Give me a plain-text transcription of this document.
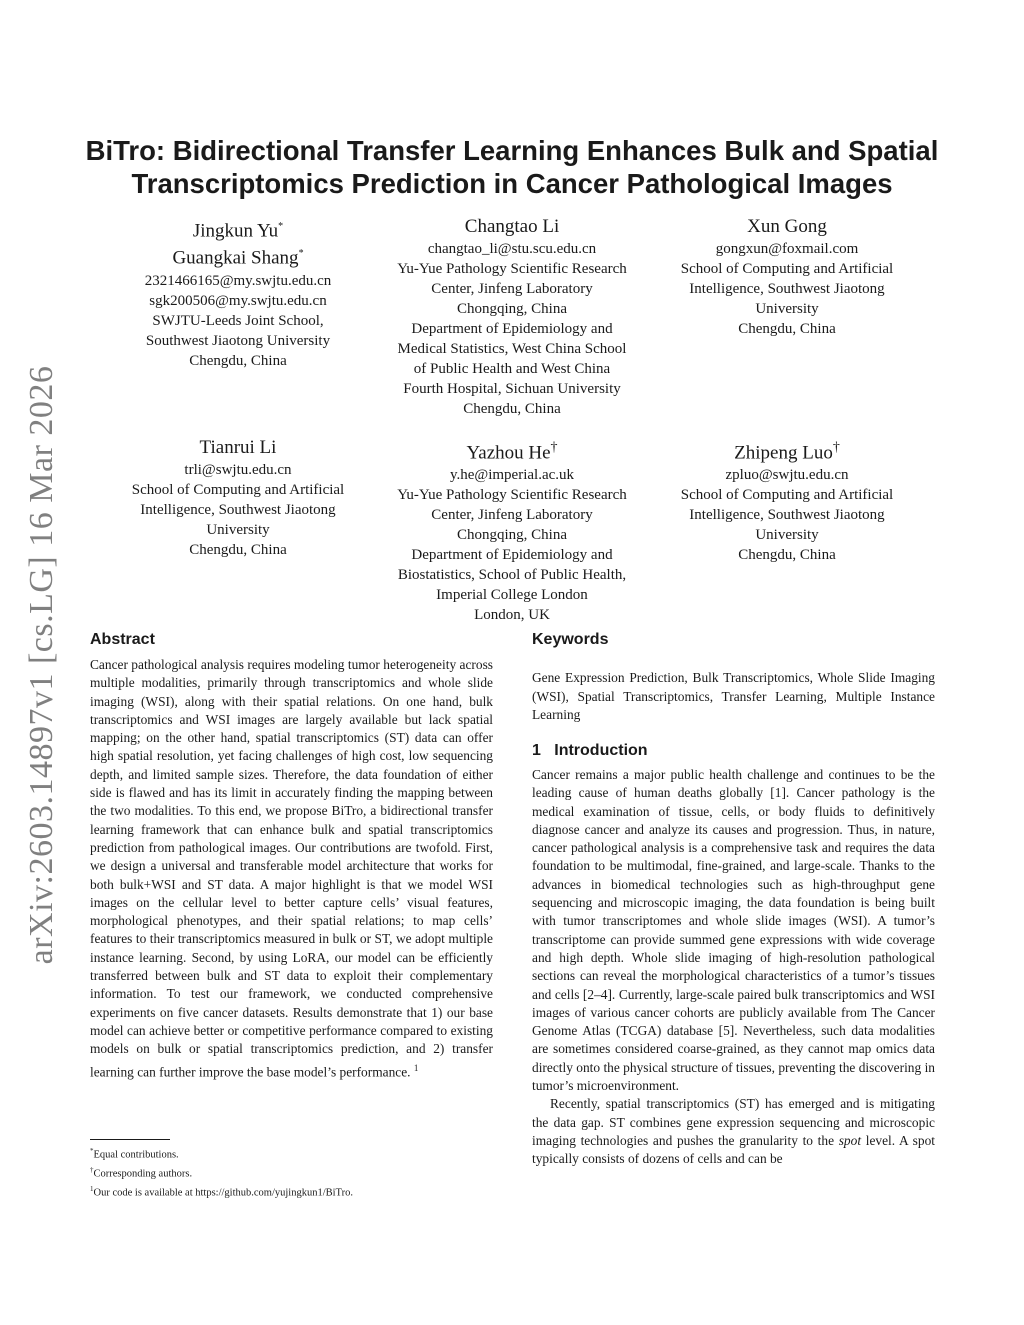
arXiv:2603.14897v1 [cs.LG] 16 Mar 2026
BiTro: Bidirectional Transfer Learning Enhances Bulk and Spatial
Transcriptomics Prediction in Cancer Pathological Images
Jingkun Yu*
Guangkai Shang*
2321466165@my.swjtu.edu.cn
sgk200506@my.swjtu.edu.cn
SWJTU-Leeds Joint School,
Southwest Jiaotong University
Chengdu, China
Changtao Li
changtao_li@stu.scu.edu.cn
Yu-Yue Pathology Scientific Research
Center, Jinfeng Laboratory
Chongqing, China
Department of Epidemiology and
Medical Statistics, West China School
of Public Health and West China
Fourth Hospital, Sichuan University
Chengdu, China
Xun Gong
gongxun@foxmail.com
School of Computing and Artificial
Intelligence, Southwest Jiaotong
University
Chengdu, China
Tianrui Li
trli@swjtu.edu.cn
School of Computing and Artificial
Intelligence, Southwest Jiaotong
University
Chengdu, China
Yazhou He†
y.he@imperial.ac.uk
Yu-Yue Pathology Scientific Research
Center, Jinfeng Laboratory
Chongqing, China
Department of Epidemiology and
Biostatistics, School of Public Health,
Imperial College London
London, UK
Zhipeng Luo†
zpluo@swjtu.edu.cn
School of Computing and Artificial
Intelligence, Southwest Jiaotong
University
Chengdu, China
Abstract

Cancer pathological analysis requires modeling tumor heterogeneity across multiple modalities, primarily through transcriptomics and whole slide imaging (WSI), along with their spatial relations. On one hand, bulk transcriptomics and WSI images are largely available but lack spatial mapping; on the other hand, spatial transcriptomics (ST) data can offer high spatial resolution, yet facing challenges of high cost, low sequencing depth, and limited sample sizes. Therefore, the data foundation of either side is flawed and has its limit in accurately finding the mapping between the two modalities. To this end, we propose BiTro, a bidirectional transfer learning framework that can enhance bulk and spatial transcriptomics prediction from pathological images. Our contributions are twofold. First, we design a universal and transferable model architecture that works for both bulk+WSI and ST data. A major highlight is that we model WSI images on the cellular level to better capture cells’ visual features, morphological phenotypes, and their spatial relations; to map cells’ features to their transcriptomics measured in bulk or ST, we adopt multiple instance learning. Second, by using LoRA, our model can be efficiently transferred between bulk and ST data to exploit their complementary information. To test our framework, we conducted comprehensive experiments on five cancer datasets. Results demonstrate that 1) our base model can achieve better or competitive performance compared to existing models on bulk or spatial transcriptomics prediction, and 2) transfer learning can further improve the base model’s performance. $^1$

Keywords

Gene Expression Prediction, Bulk Transcriptomics, Whole Slide Imaging (WSI), Spatial Transcriptomics, Transfer Learning, Multiple Instance Learning

1 Introduction

Cancer remains a major public health challenge and continues to be the leading cause of human deaths globally [1]. Cancer pathology is the medical examination of tissue, cells, or body fluids to definitively diagnose cancer and analyze its causes and progression. Thus, in nature, cancer pathological analysis is a comprehensive task and requires the data foundation to be multimodal, fine-grained, and large-scale. Thanks to the advances in biomedical technologies such as high-throughput gene sequencing and microscopic imaging, the data foundation is being built with tumor transcriptomes and whole slide images (WSI). A tumor’s transcriptome can provide summed gene expressions with wide coverage and high depth. Whole slide imaging of high-resolution pathological sections can reveal the morphological characteristics of a tumor’s tissues and cells [2–4]. Currently, large-scale paired bulk transcriptomics and WSI images of various cancer cohorts are publicly available from The Cancer Genome Atlas (TCGA) database [5]. Nevertheless, such data modalities are sometimes considered coarse-grained, as they cannot map omics data directly onto the physical structure of tissues, preventing the discovering in tumor’s microenvironment.

Recently, spatial transcriptomics (ST) has emerged and is mitigating the data gap. ST combines gene expression sequencing and microscopic imaging technologies and pushes the granularity to the spot level. A spot typically consists of dozens of cells and can be

*Equal contributions.
†Corresponding authors.
$^1$Our code is available at https://github.com/yujingkun1/BiTro.
